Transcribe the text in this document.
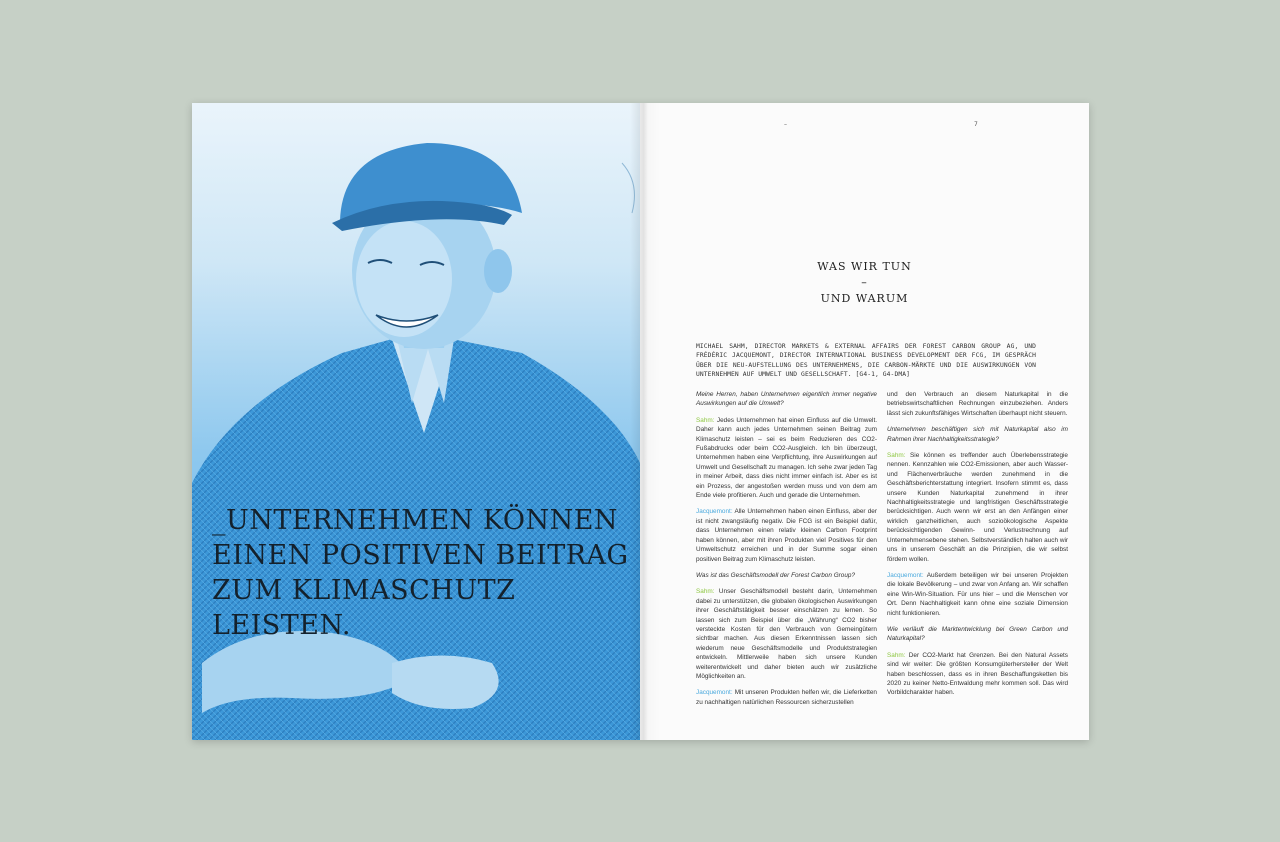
_UNTERNEHMEN KÖNNEN
EINEN POSITIVEN BEITRAG
ZUM KLIMASCHUTZ LEISTEN.
–	7
WAS WIR TUN
–
UND WARUM

MICHAEL SAHM, DIRECTOR MARKETS & EXTERNAL AFFAIRS DER FOREST CARBON GROUP AG, UND FRÉDÉRIC JACQUEMONT, DIRECTOR INTERNATIONAL BUSINESS DEVELOPMENT DER FCG, IM GESPRÄCH ÜBER DIE NEU-AUFSTELLUNG DES UNTERNEHMENS, DIE CARBON-MÄRKTE UND DIE AUSWIRKUNGEN VON UNTERNEHMEN AUF UMWELT UND GESELLSCHAFT. [G4-1, G4-DMA]

Meine Herren, haben Unternehmen eigentlich immer negative Auswirkungen auf die Umwelt?

Sahm: Jedes Unternehmen hat einen Einfluss auf die Umwelt. Daher kann auch jedes Unternehmen seinen Beitrag zum Klimaschutz leisten – sei es beim Reduzieren des CO2-Fußabdrucks oder beim CO2-Ausgleich. Ich bin überzeugt, Unternehmen haben eine Verpflichtung, ihre Auswirkungen auf Umwelt und Gesellschaft zu managen. Ich sehe zwar jeden Tag in meiner Arbeit, dass dies nicht immer einfach ist. Aber es ist ein Prozess, der angestoßen werden muss und von dem am Ende viele profitieren. Auch und gerade die Unternehmen.

Jacquemont: Alle Unternehmen haben einen Einfluss, aber der ist nicht zwangsläufig negativ. Die FCG ist ein Beispiel dafür, dass Unternehmen einen relativ kleinen Carbon Footprint haben können, aber mit ihren Produkten viel Positives für den Umweltschutz erreichen und in der Summe sogar einen positiven Beitrag zum Klimaschutz leisten.

Was ist das Geschäftsmodell der Forest Carbon Group?

Sahm: Unser Geschäftsmodell besteht darin, Unternehmen dabei zu unterstützen, die globalen ökologischen Auswirkungen ihrer Geschäftstätigkeit besser einschätzen zu lernen. So lassen sich zum Beispiel über die „Währung“ CO2 bisher versteckte Kosten für den Verbrauch von Gemeingütern sichtbar machen. Aus diesen Erkenntnissen lassen sich wiederum neue Geschäftsmodelle und Produktstrategien entwickeln. Mittlerweile haben sich unsere Kunden weiterentwickelt und daher bieten auch wir zusätzliche Möglichkeiten an.

Jacquemont: Mit unseren Produkten helfen wir, die Lieferketten zu nachhaltigen natürlichen Ressourcen sicherzustellen

und den Verbrauch an diesem Naturkapital in die betriebswirtschaftlichen Rechnungen einzubeziehen. Anders lässt sich zukunftsfähiges Wirtschaften überhaupt nicht steuern.

Unternehmen beschäftigen sich mit Naturkapital also im Rahmen ihrer Nachhaltigkeitsstrategie?

Sahm: Sie können es treffender auch Überlebensstrategie nennen. Kennzahlen wie CO2-Emissionen, aber auch Wasser- und Flächenverbräuche werden zunehmend in die Geschäftsberichterstattung integriert. Insofern stimmt es, dass unsere Kunden Naturkapital zunehmend in ihrer Nachhaltigkeitsstrategie und langfristigen Geschäftsstrategie berücksichtigen. Auch wenn wir erst an den Anfängen einer wirklich ganzheitlichen, auch sozioökologische Aspekte berücksichtigenden Gewinn- und Verlustrechnung auf Unternehmensebene stehen. Selbstverständlich halten auch wir uns in unserem Geschäft an die Prinzipien, die wir selbst fördern wollen.

Jacquemont: Außerdem beteiligen wir bei unseren Projekten die lokale Bevölkerung – und zwar von Anfang an. Wir schaffen eine Win-Win-Situation. Für uns hier – und die Menschen vor Ort. Denn Nachhaltigkeit kann ohne eine soziale Dimension nicht funktionieren.

Wie verläuft die Marktentwicklung bei Green Carbon und Naturkapital?

Sahm: Der CO2-Markt hat Grenzen. Bei den Natural Assets sind wir weiter: Die größten Konsumgüterhersteller der Welt haben beschlossen, dass es in ihren Beschaffungsketten bis 2020 zu keiner Netto-Entwaldung mehr kommen soll. Das wird Vorbildcharakter haben.
